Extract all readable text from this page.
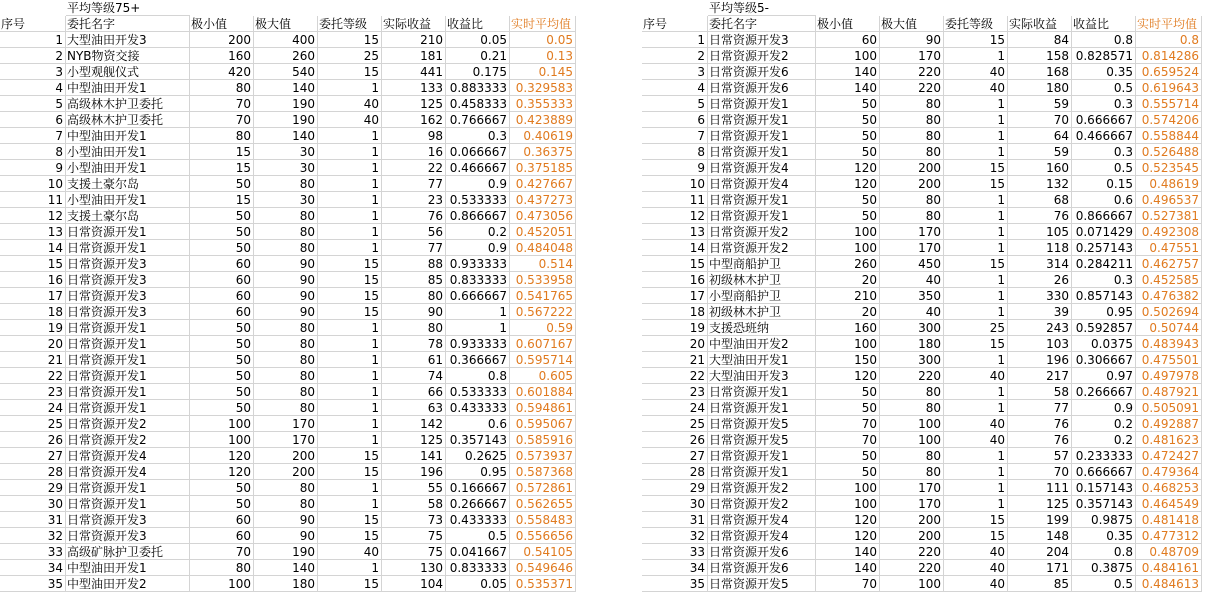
平均等级75+
序号	委托名字	极小值	极大值	委托等级	实际收益	收益比	实时平均值
1 大型油田开发3	200	400	15	210	0.05	0.05
2 NYB物资交接	160	260	25	181	0.21	0.13
3 小型观舰仪式	420	540	15	441	0.175	0.145
4 中型油田开发1	80	140	1	133 0.883333 0.329583
5 高级林木护卫委托	70	190	40	125 0.458333 0.355333
6 高级林木护卫委托	70	190	40	162 0.766667 0.423889
7 中型油田开发1	80	140	1	98	0.3	0.40619
8 小型油田开发1	15	30	1	16 0.066667	0.36375
9 小型油田开发1	15	30	1	22 0.466667 0.375185
10 支援土豪尔岛	50	80	1	77	0.9 0.427667
11 小型油田开发1	15	30	1	23 0.533333 0.437273
12 支援土豪尔岛	50	80	1	76 0.866667 0.473056
13 日常资源开发1	50	80	1	56	0.2 0.452051
14 日常资源开发1	50	80	1	77	0.9 0.484048
15 日常资源开发3	60	90	15	88 0.933333	0.514
16 日常资源开发3	60	90	15	85 0.833333 0.533958
17 日常资源开发3	60	90	15	80 0.666667 0.541765
18 日常资源开发3	60	90	15	90	1 0.567222
19 日常资源开发1	50	80	1	80	1	0.59
20 日常资源开发1	50	80	1	78 0.933333 0.607167
21 日常资源开发1	50	80	1	61 0.366667 0.595714
22 日常资源开发1	50	80	1	74	0.8	0.605
23 日常资源开发1	50	80	1	66 0.533333 0.601884
24 日常资源开发1	50	80	1	63 0.433333 0.594861
25 日常资源开发2	100	170	1	142	0.6 0.595067
26 日常资源开发2	100	170	1	125 0.357143 0.585916
27 日常资源开发4	120	200	15	141	0.2625 0.573937
28 日常资源开发4	120	200	15	196	0.95 0.587368
29 日常资源开发1	50	80	1	55 0.166667 0.572861
30 日常资源开发1	50	80	1	58 0.266667 0.562655
31 日常资源开发3	60	90	15	73 0.433333 0.558483
32 日常资源开发3	60	90	15	75	0.5 0.556656
33 高级矿脉护卫委托	70	190	40	75 0.041667	0.54105
34 中型油田开发1	80	140	1	130 0.833333 0.549646
35 中型油田开发2	100	180	15	104	0.05 0.535371
平均等级5-
序号	委托名字	极小值	极大值	委托等级	实际收益	收益比	实时平均值
1 日常资源开发3	60	90	15	84	0.8	0.8
2 日常资源开发2	100	170	1	158 0.828571 0.814286
3 日常资源开发6	140	220	40	168	0.35 0.659524
4 日常资源开发6	140	220	40	180	0.5 0.619643
5 日常资源开发1	50	80	1	59	0.3 0.555714
6 日常资源开发1	50	80	1	70 0.666667 0.574206
7 日常资源开发1	50	80	1	64 0.466667 0.558844
8 日常资源开发1	50	80	1	59	0.3 0.526488
9 日常资源开发4	120	200	15	160	0.5 0.523545
10 日常资源开发4	120	200	15	132	0.15	0.48619
11 日常资源开发1	50	80	1	68	0.6 0.496537
12 日常资源开发1	50	80	1	76 0.866667 0.527381
13 日常资源开发2	100	170	1	105 0.071429 0.492308
14 日常资源开发2	100	170	1	118 0.257143	0.47551
15 中型商船护卫	260	450	15	314 0.284211 0.462757
16 初级林木护卫	20	40	1	26	0.3 0.452585
17 小型商船护卫	210	350	1	330 0.857143 0.476382
18 初级林木护卫	20	40	1	39	0.95 0.502694
19 支援恐班纳	160	300	25	243 0.592857	0.50744
20 中型油田开发2	100	180	15	103	0.0375 0.483943
21 大型油田开发1	150	300	1	196 0.306667 0.475501
22 大型油田开发3	120	220	40	217	0.97 0.497978
23 日常资源开发1	50	80	1	58 0.266667 0.487921
24 日常资源开发1	50	80	1	77	0.9 0.505091
25 日常资源开发5	70	100	40	76	0.2 0.492887
26 日常资源开发5	70	100	40	76	0.2 0.481623
27 日常资源开发1	50	80	1	57 0.233333 0.472427
28 日常资源开发1	50	80	1	70 0.666667 0.479364
29 日常资源开发2	100	170	1	111 0.157143 0.468253
30 日常资源开发2	100	170	1	125 0.357143 0.464549
31 日常资源开发4	120	200	15	199	0.9875 0.481418
32 日常资源开发4	120	200	15	148	0.35 0.477312
33 日常资源开发6	140	220	40	204	0.8	0.48709
34 日常资源开发6	140	220	40	171	0.3875 0.484161
35 日常资源开发5	70	100	40	85	0.5 0.484613
